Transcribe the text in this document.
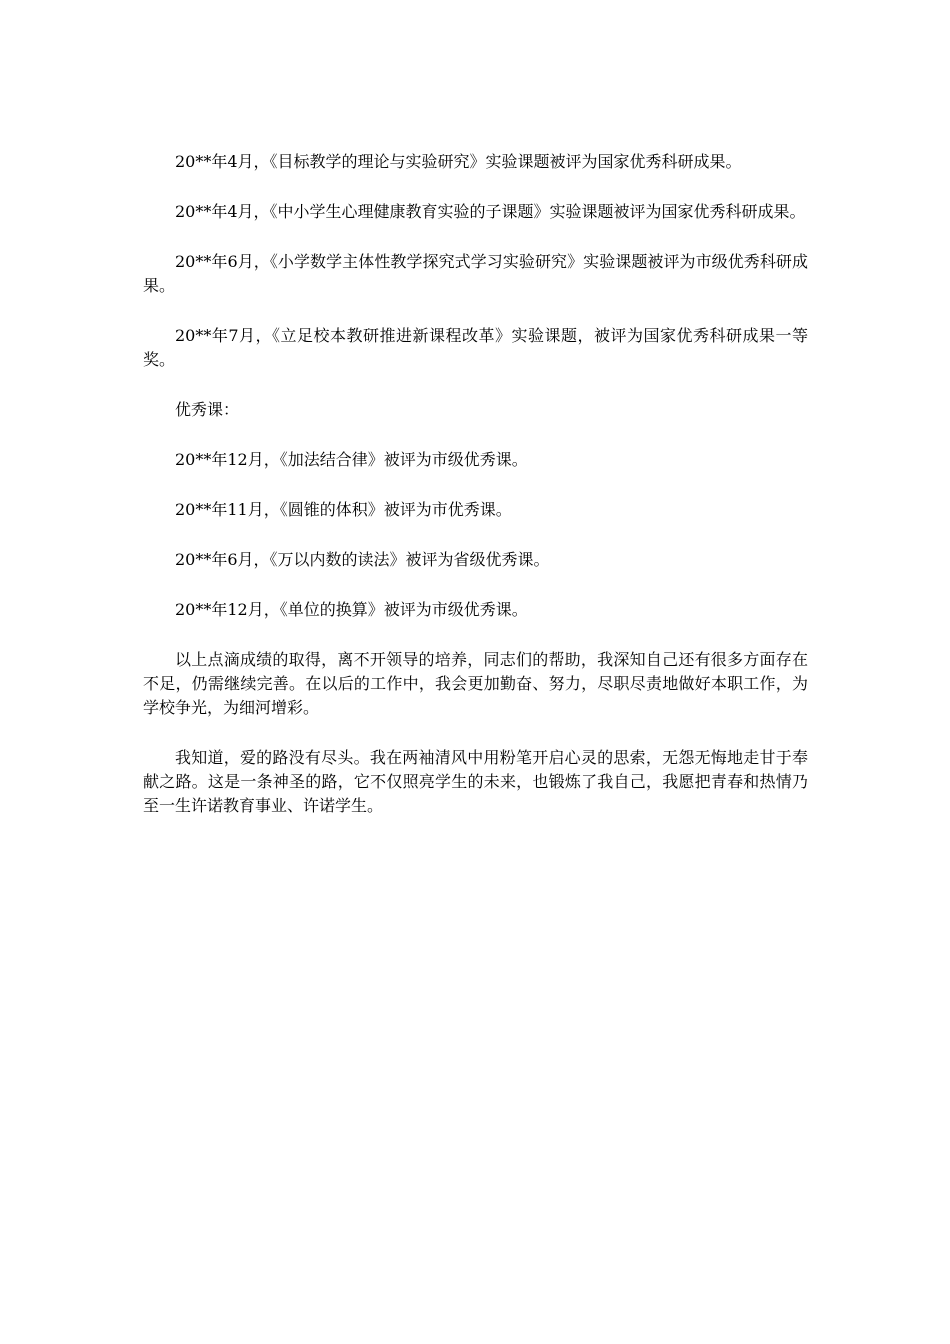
20**年4月，《目标教学的理论与实验研究》实验课题被评为国家优秀科研成果。

20**年4月，《中小学生心理健康教育实验的子课题》实验课题被评为国家优秀科研成果。

20**年6月，《小学数学主体性教学探究式学习实验研究》实验课题被评为市级优秀科研成果。

20**年7月，《立足校本教研推进新课程改革》实验课题，被评为国家优秀科研成果一等奖。

优秀课：

20**年12月，《加法结合律》被评为市级优秀课。

20**年11月，《圆锥的体积》被评为市优秀课。

20**年6月，《万以内数的读法》被评为省级优秀课。

20**年12月，《单位的换算》被评为市级优秀课。

以上点滴成绩的取得，离不开领导的培养，同志们的帮助，我深知自己还有很多方面存在不足，仍需继续完善。在以后的工作中，我会更加勤奋、努力，尽职尽责地做好本职工作，为学校争光，为细河增彩。

我知道，爱的路没有尽头。我在两袖清风中用粉笔开启心灵的思索，无怨无悔地走甘于奉献之路。这是一条神圣的路，它不仅照亮学生的未来，也锻炼了我自己，我愿把青春和热情乃至一生许诺教育事业、许诺学生。
